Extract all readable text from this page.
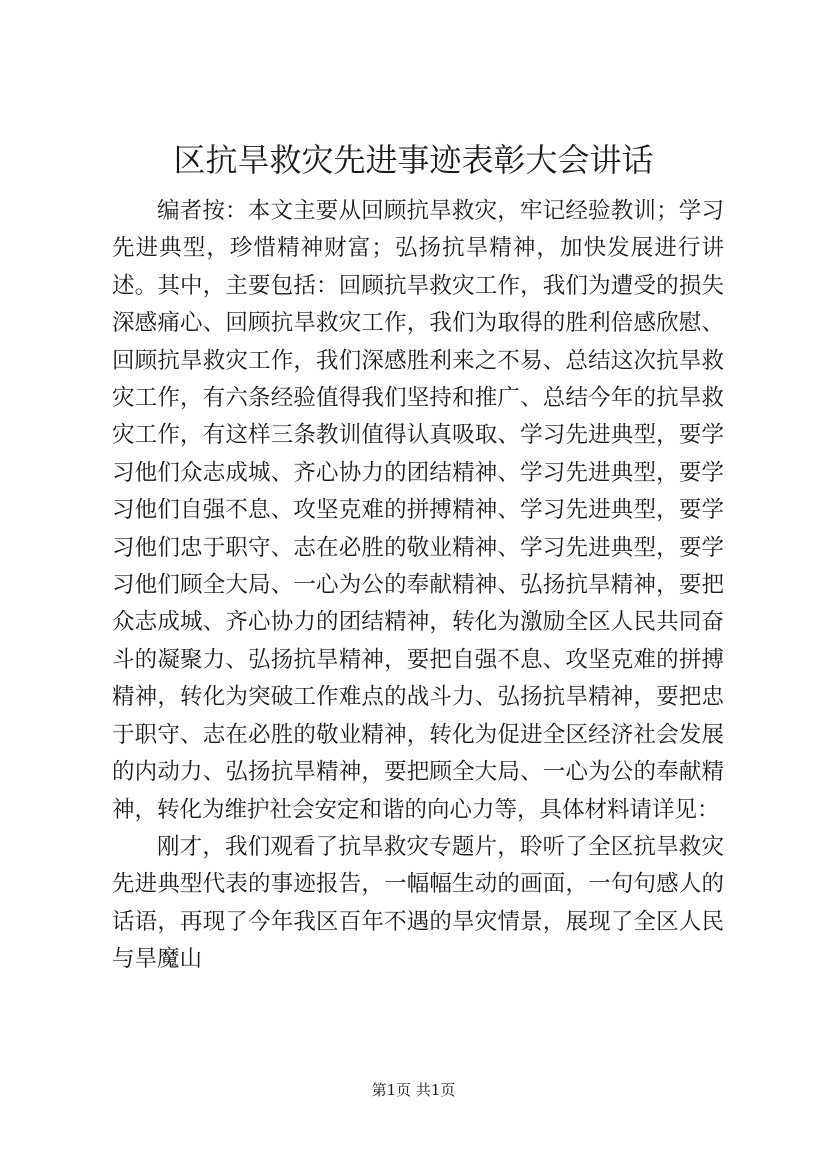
区抗旱救灾先进事迹表彰大会讲话

编者按：本文主要从回顾抗旱救灾，牢记经验教训；学习先进典型，珍惜精神财富；弘扬抗旱精神，加快发展进行讲述。其中，主要包括：回顾抗旱救灾工作，我们为遭受的损失深感痛心、回顾抗旱救灾工作，我们为取得的胜利倍感欣慰、回顾抗旱救灾工作，我们深感胜利来之不易、总结这次抗旱救灾工作，有六条经验值得我们坚持和推广、总结今年的抗旱救灾工作，有这样三条教训值得认真吸取、学习先进典型，要学习他们众志成城、齐心协力的团结精神、学习先进典型，要学习他们自强不息、攻坚克难的拼搏精神、学习先进典型，要学习他们忠于职守、志在必胜的敬业精神、学习先进典型，要学习他们顾全大局、一心为公的奉献精神、弘扬抗旱精神，要把众志成城、齐心协力的团结精神，转化为激励全区人民共同奋斗的凝聚力、弘扬抗旱精神，要把自强不息、攻坚克难的拼搏精神，转化为突破工作难点的战斗力、弘扬抗旱精神，要把忠于职守、志在必胜的敬业精神，转化为促进全区经济社会发展的内动力、弘扬抗旱精神，要把顾全大局、一心为公的奉献精神，转化为维护社会安定和谐的向心力等，具体材料请详见：

刚才，我们观看了抗旱救灾专题片，聆听了全区抗旱救灾先进典型代表的事迹报告，一幅幅生动的画面，一句句感人的话语，再现了今年我区百年不遇的旱灾情景，展现了全区人民与旱魔山

第1页 共1页
